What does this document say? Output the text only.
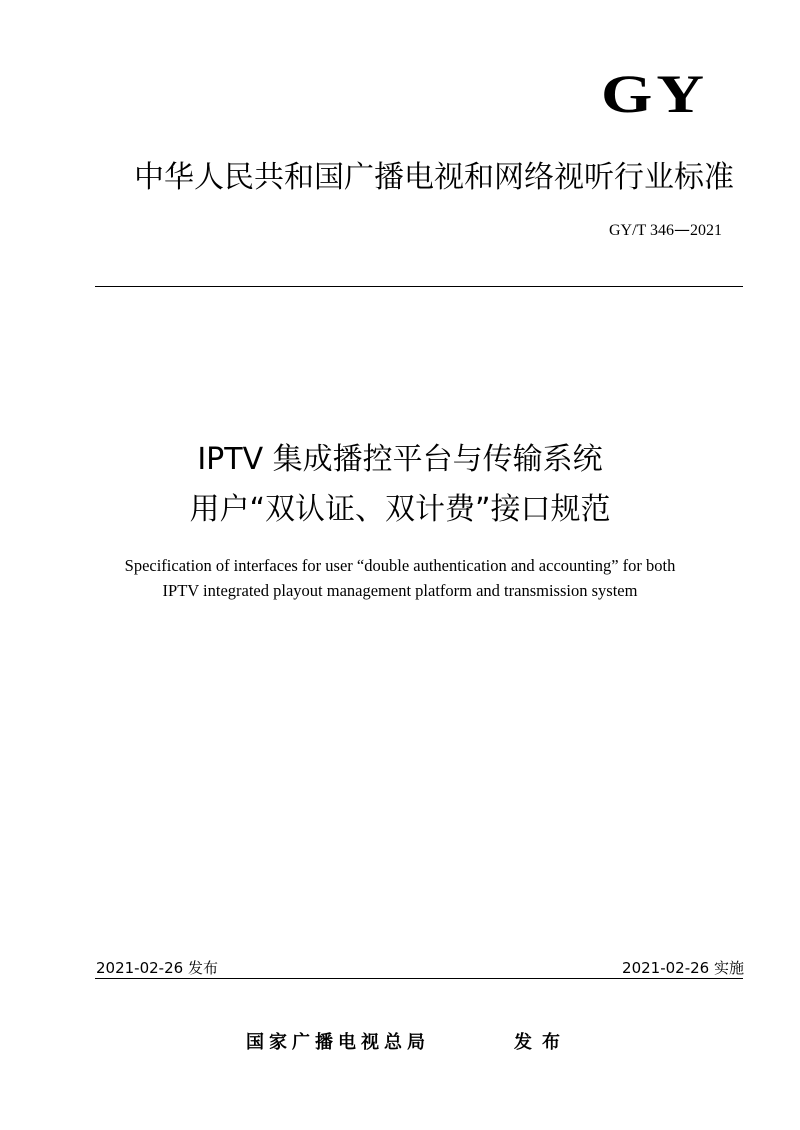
GY
中华人民共和国广播电视和网络视听行业标准
GY/T 346—2021
IPTV 集成播控平台与传输系统
用户“双认证、双计费”接口规范
Specification of interfaces for user “double authentication and accounting” for both
IPTV integrated playout management platform and transmission system
2021-02-26 发布	2021-02-26 实施
国家广播电视总局	发布
